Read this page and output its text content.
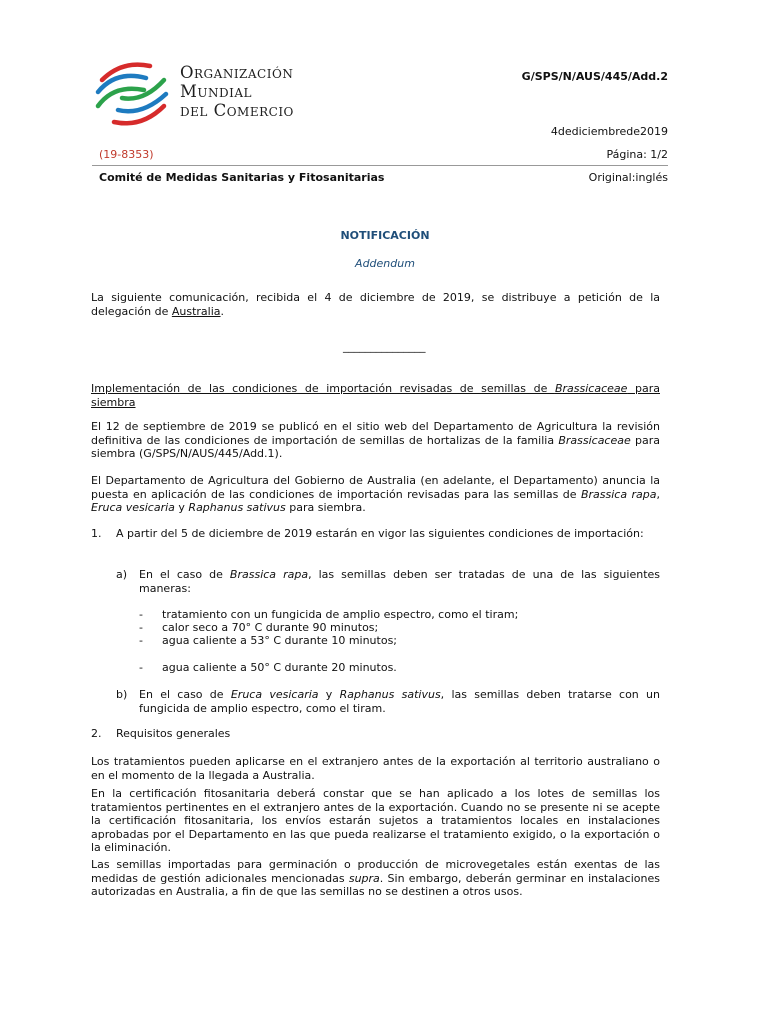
Organización
Mundial
del Comercio
G/SPS/N/AUS/445/Add.2
4dediciembrede2019
(19-8353)	Página: 1/2
Comité de Medidas Sanitarias y Fitosanitarias	Original:inglés
NOTIFICACIÓN
Addendum
La siguiente comunicación, recibida el 4 de diciembre de 2019, se distribuye a petición de la delegación de Australia.
_______________
Implementación de las condiciones de importación revisadas de semillas de Brassicaceae para siembra
El 12 de septiembre de 2019 se publicó en el sitio web del Departamento de Agricultura la revisión definitiva de las condiciones de importación de semillas de hortalizas de la familia Brassicaceae para siembra (G/SPS/N/AUS/445/Add.1).
El Departamento de Agricultura del Gobierno de Australia (en adelante, el Departamento) anuncia la puesta en aplicación de las condiciones de importación revisadas para las semillas de Brassica rapa, Eruca vesicaria y Raphanus sativus para siembra.
1. A partir del 5 de diciembre de 2019 estarán en vigor las siguientes condiciones de importación:
a) En el caso de Brassica rapa, las semillas deben ser tratadas de una de las siguientes maneras:
- tratamiento con un fungicida de amplio espectro, como el tiram;
- calor seco a 70° C durante 90 minutos;
- agua caliente a 53° C durante 10 minutos;
- agua caliente a 50° C durante 20 minutos.
b) En el caso de Eruca vesicaria y Raphanus sativus, las semillas deben tratarse con un fungicida de amplio espectro, como el tiram.
2. Requisitos generales
Los tratamientos pueden aplicarse en el extranjero antes de la exportación al territorio australiano o en el momento de la llegada a Australia.
En la certificación fitosanitaria deberá constar que se han aplicado a los lotes de semillas los tratamientos pertinentes en el extranjero antes de la exportación. Cuando no se presente ni se acepte la certificación fitosanitaria, los envíos estarán sujetos a tratamientos locales en instalaciones aprobadas por el Departamento en las que pueda realizarse el tratamiento exigido, o la exportación o la eliminación.
Las semillas importadas para germinación o producción de microvegetales están exentas de las medidas de gestión adicionales mencionadas supra. Sin embargo, deberán germinar en instalaciones autorizadas en Australia, a fin de que las semillas no se destinen a otros usos.
